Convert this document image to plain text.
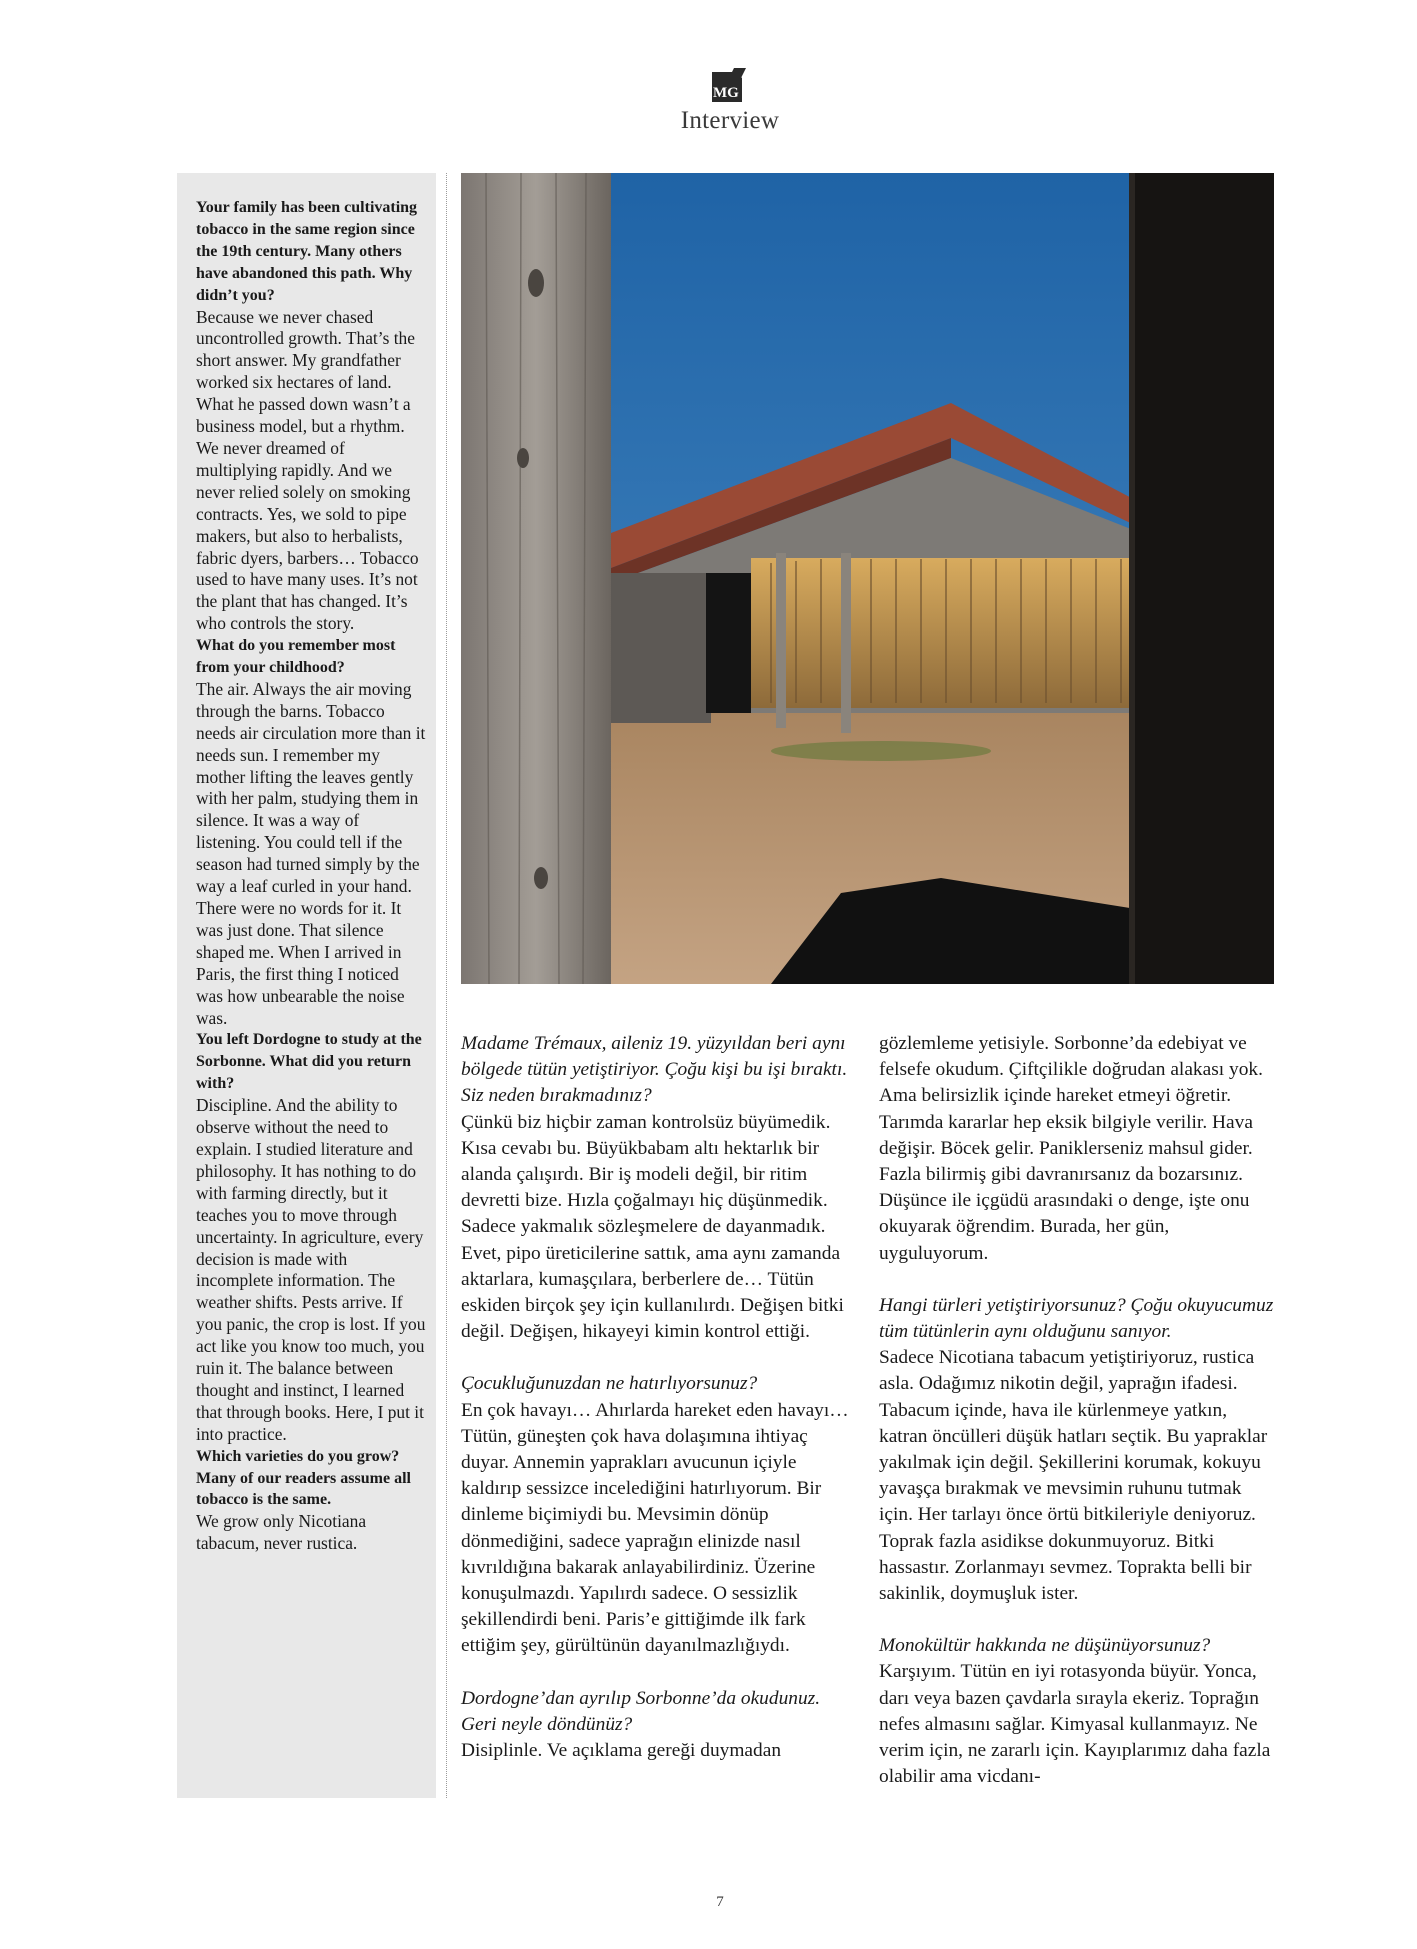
MG
Interview

Your family has been cultivating tobacco in the same region since the 19th century. Many others have abandoned this path. Why didn’t you?

Because we never chased uncontrolled growth. That’s the short answer. My grandfather worked six hectares of land. What he passed down wasn’t a business model, but a rhythm. We never dreamed of multiplying rapidly. And we never relied solely on smoking contracts. Yes, we sold to pipe makers, but also to herbalists, fabric dyers, barbers… Tobacco used to have many uses. It’s not the plant that has changed. It’s who controls the story.

What do you remember most from your childhood?

The air. Always the air moving through the barns. Tobacco needs air circulation more than it needs sun. I remember my mother lifting the leaves gently with her palm, studying them in silence. It was a way of listening. You could tell if the season had turned simply by the way a leaf curled in your hand. There were no words for it. It was just done. That silence shaped me. When I arrived in Paris, the first thing I noticed was how unbearable the noise was.

You left Dordogne to study at the Sorbonne. What did you return with?

Discipline. And the ability to observe without the need to explain. I studied literature and philosophy. It has nothing to do with farming directly, but it teaches you to move through uncertainty. In agriculture, every decision is made with incomplete information. The weather shifts. Pests arrive. If you panic, the crop is lost. If you act like you know too much, you ruin it. The balance between thought and instinct, I learned that through books. Here, I put it into practice.

Which varieties do you grow? Many of our readers assume all tobacco is the same.

We grow only Nicotiana tabacum, never rustica.

Madame Trémaux, aileniz 19. yüzyıldan beri aynı bölgede tütün yetiştiriyor. Çoğu kişi bu işi bıraktı. Siz neden bırakmadınız?

Çünkü biz hiçbir zaman kontrolsüz büyümedik. Kısa cevabı bu. Büyükbabam altı hektarlık bir alanda çalışırdı. Bir iş modeli değil, bir ritim devretti bize. Hızla çoğalmayı hiç düşünmedik. Sadece yakmalık sözleşmelere de dayanmadık. Evet, pipo üreticilerine sattık, ama aynı zamanda aktarlara, kumaşçılara, berberlere de… Tütün eskiden birçok şey için kullanılırdı. Değişen bitki değil. Değişen, hikayeyi kimin kontrol ettiği.

Çocukluğunuzdan ne hatırlıyorsunuz?

En çok havayı… Ahırlarda hareket eden havayı… Tütün, güneşten çok hava dolaşımına ihtiyaç duyar. Annemin yaprakları avucunun içiyle kaldırıp sessizce incelediğini hatırlıyorum. Bir dinleme biçimiydi bu. Mevsimin dönüp dönmediğini, sadece yaprağın elinizde nasıl kıvrıldığına bakarak anlayabilirdiniz. Üzerine konuşulmazdı. Yapılırdı sadece. O sessizlik şekillendirdi beni. Paris’e gittiğimde ilk fark ettiğim şey, gürültünün dayanılmazlığıydı.

Dordogne’dan ayrılıp Sorbonne’da okudunuz. Geri neyle döndünüz?

Disiplinle. Ve açıklama gereği duymadan

gözlemleme yetisiyle. Sorbonne’da edebiyat ve felsefe okudum. Çiftçilikle doğrudan alakası yok. Ama belirsizlik içinde hareket etmeyi öğretir. Tarımda kararlar hep eksik bilgiyle verilir. Hava değişir. Böcek gelir. Paniklerseniz mahsul gider. Fazla bilirmiş gibi davranırsanız da bozarsınız. Düşünce ile içgüdü arasındaki o denge, işte onu okuyarak öğrendim. Burada, her gün, uyguluyorum.

Hangi türleri yetiştiriyorsunuz? Çoğu okuyucumuz tüm tütünlerin aynı olduğunu sanıyor.

Sadece Nicotiana tabacum yetiştiriyoruz, rustica asla. Odağımız nikotin değil, yaprağın ifadesi. Tabacum içinde, hava ile kürlenmeye yatkın, katran öncülleri düşük hatları seçtik. Bu yapraklar yakılmak için değil. Şekillerini korumak, kokuyu yavaşça bırakmak ve mevsimin ruhunu tutmak için. Her tarlayı önce örtü bitkileriyle deniyoruz. Toprak fazla asidikse dokunmuyoruz. Bitki hassastır. Zorlanmayı sevmez. Toprakta belli bir sakinlik, doymuşluk ister.

Monokültür hakkında ne düşünüyorsunuz?

Karşıyım. Tütün en iyi rotasyonda büyür. Yonca, darı veya bazen çavdarla sırayla ekeriz. Toprağın nefes almasını sağlar. Kimyasal kullanmayız. Ne verim için, ne zararlı için. Kayıplarımız daha fazla olabilir ama vicdanı-

7
